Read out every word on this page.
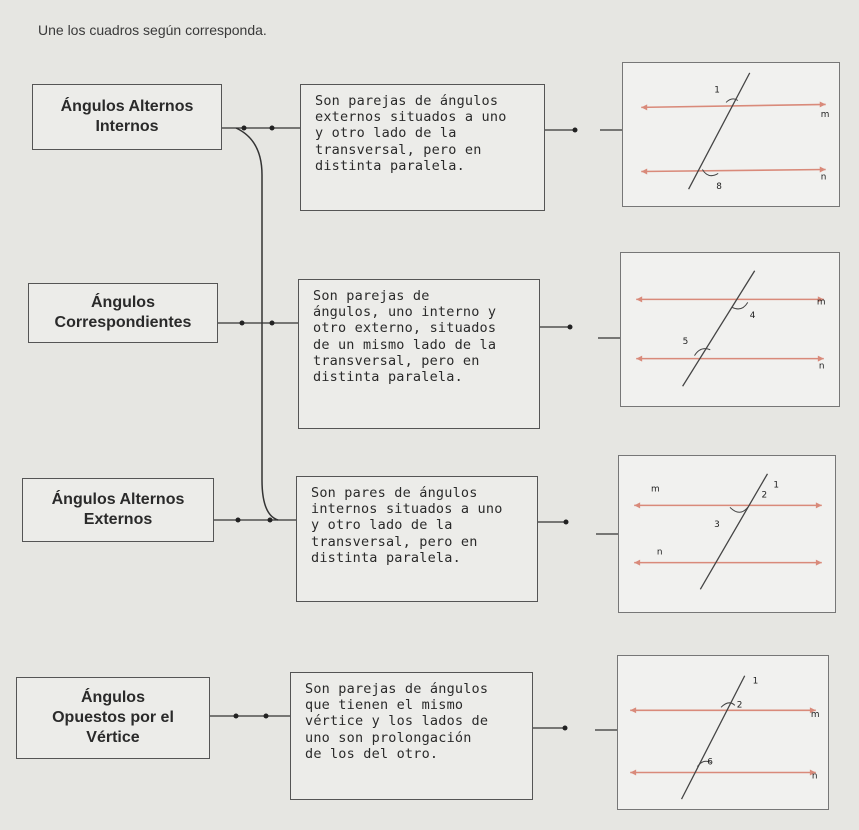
Une los cuadros según corresponda.
Ángulos Alternos
Internos
Ángulos
Correspondientes
Ángulos Alternos
Externos
Ángulos
Opuestos por el
Vértice
Son parejas de ángulos
externos situados a uno
y otro lado de la
transversal, pero en
distinta paralela.
Son parejas de
ángulos, uno interno y
otro externo, situados
de un mismo lado de la
transversal, pero en
distinta paralela.
Son pares de ángulos
internos situados a uno
y otro lado de la
transversal, pero en
distinta paralela.
Son parejas de ángulos
que tienen el mismo
vértice y los lados de
uno son prolongación
de los del otro.
1
m
n
8
m
4
5
n
m
2
1
3
n
1
2
m
6
n
